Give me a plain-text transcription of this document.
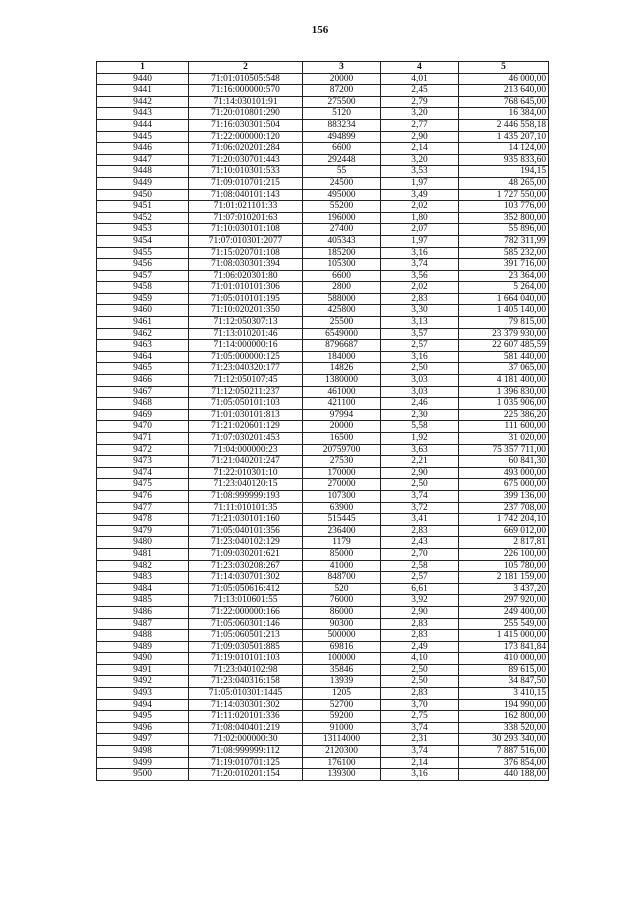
156
1	2	3	4	5
9440	71:01:010505:548	20000	4,01	46 000,00
9441	71:16:000000:570	87200	2,45	213 640,00
9442	71:14:030101:91	275500	2,79	768 645,00
9443	71:20:010801:290	5120	3,20	16 384,00
9444	71:16:030301:504	883234	2,77	2 446 558,18
9445	71:22:000000:120	494899	2,90	1 435 207,10
9446	71:06:020201:284	6600	2,14	14 124,00
9447	71:20:030701:443	292448	3,20	935 833,60
9448	71:10:010301:533	55	3,53	194,15
9449	71:09:010701:215	24500	1,97	48 265,00
9450	71:08:040101:143	495000	3,49	1 727 550,00
9451	71:01:021101:33	55200	2,02	103 776,00
9452	71:07:010201:63	196000	1,80	352 800,00
9453	71:10:030101:108	27400	2,07	55 896,00
9454	71:07:010301:2077	405343	1,97	782 311,99
9455	71:15:020701:108	185200	3,16	585 232,00
9456	71:08:030301:394	105300	3,74	391 716,00
9457	71:06:020301:80	6600	3,56	23 364,00
9458	71:01:010101:306	2800	2,02	5 264,00
9459	71:05:010101:195	588000	2,83	1 664 040,00
9460	71:10:020201:350	425800	3,30	1 405 140,00
9461	71:12:050307:13	25500	3,13	79 815,00
9462	71:13:010201:46	6549000	3,57	23 379 930,00
9463	71:14:000000:16	8796687	2,57	22 607 485,59
9464	71:05:000000:125	184000	3,16	581 440,00
9465	71:23:040320:177	14826	2,50	37 065,00
9466	71:12:050107:45	1380000	3,03	4 181 400,00
9467	71:12:050211:237	461000	3,03	1 396 830,00
9468	71:05:050101:103	421100	2,46	1 035 906,00
9469	71:01:030101:813	97994	2,30	225 386,20
9470	71:21:020601:129	20000	5,58	111 600,00
9471	71:07:030201:453	16500	1,92	31 020,00
9472	71:04:000000:23	20759700	3,63	75 357 711,00
9473	71:21:040201:247	27530	2,21	60 841,30
9474	71:22:010301:10	170000	2,90	493 000,00
9475	71:23:040120:15	270000	2,50	675 000,00
9476	71:08:999999:193	107300	3,74	399 136,00
9477	71:11:010101:35	63900	3,72	237 708,00
9478	71:21:030101:160	515445	3,41	1 742 204,10
9479	71:05:040101:356	236400	2,83	669 012,00
9480	71:23:040102:129	1179	2,43	2 817,81
9481	71:09:030201:621	85000	2,70	226 100,00
9482	71:23:030208:267	41000	2,58	105 780,00
9483	71:14:030701:302	848700	2,57	2 181 159,00
9484	71:05:050616:412	520	6,61	3 437,20
9485	71:13:010601:55	76000	3,92	297 920,00
9486	71:22:000000:166	86000	2,90	249 400,00
9487	71:05:060301:146	90300	2,83	255 549,00
9488	71:05:060501:213	500000	2,83	1 415 000,00
9489	71:09:030501:885	69816	2,49	173 841,84
9490	71:19:010101:103	100000	4,10	410 000,00
9491	71:23:040102:98	35846	2,50	89 615,00
9492	71:23:040316:158	13939	2,50	34 847,50
9493	71:05:010301:1445	1205	2,83	3 410,15
9494	71:14:030301:302	52700	3,70	194 990,00
9495	71:11:020101:336	59200	2,75	162 800,00
9496	71:08:040401:219	91000	3,74	338 520,00
9497	71:02:000000:30	13114000	2,31	30 293 340,00
9498	71:08:999999:112	2120300	3,74	7 887 516,00
9499	71:19:010701:125	176100	2,14	376 854,00
9500	71:20:010201:154	139300	3,16	440 188,00
